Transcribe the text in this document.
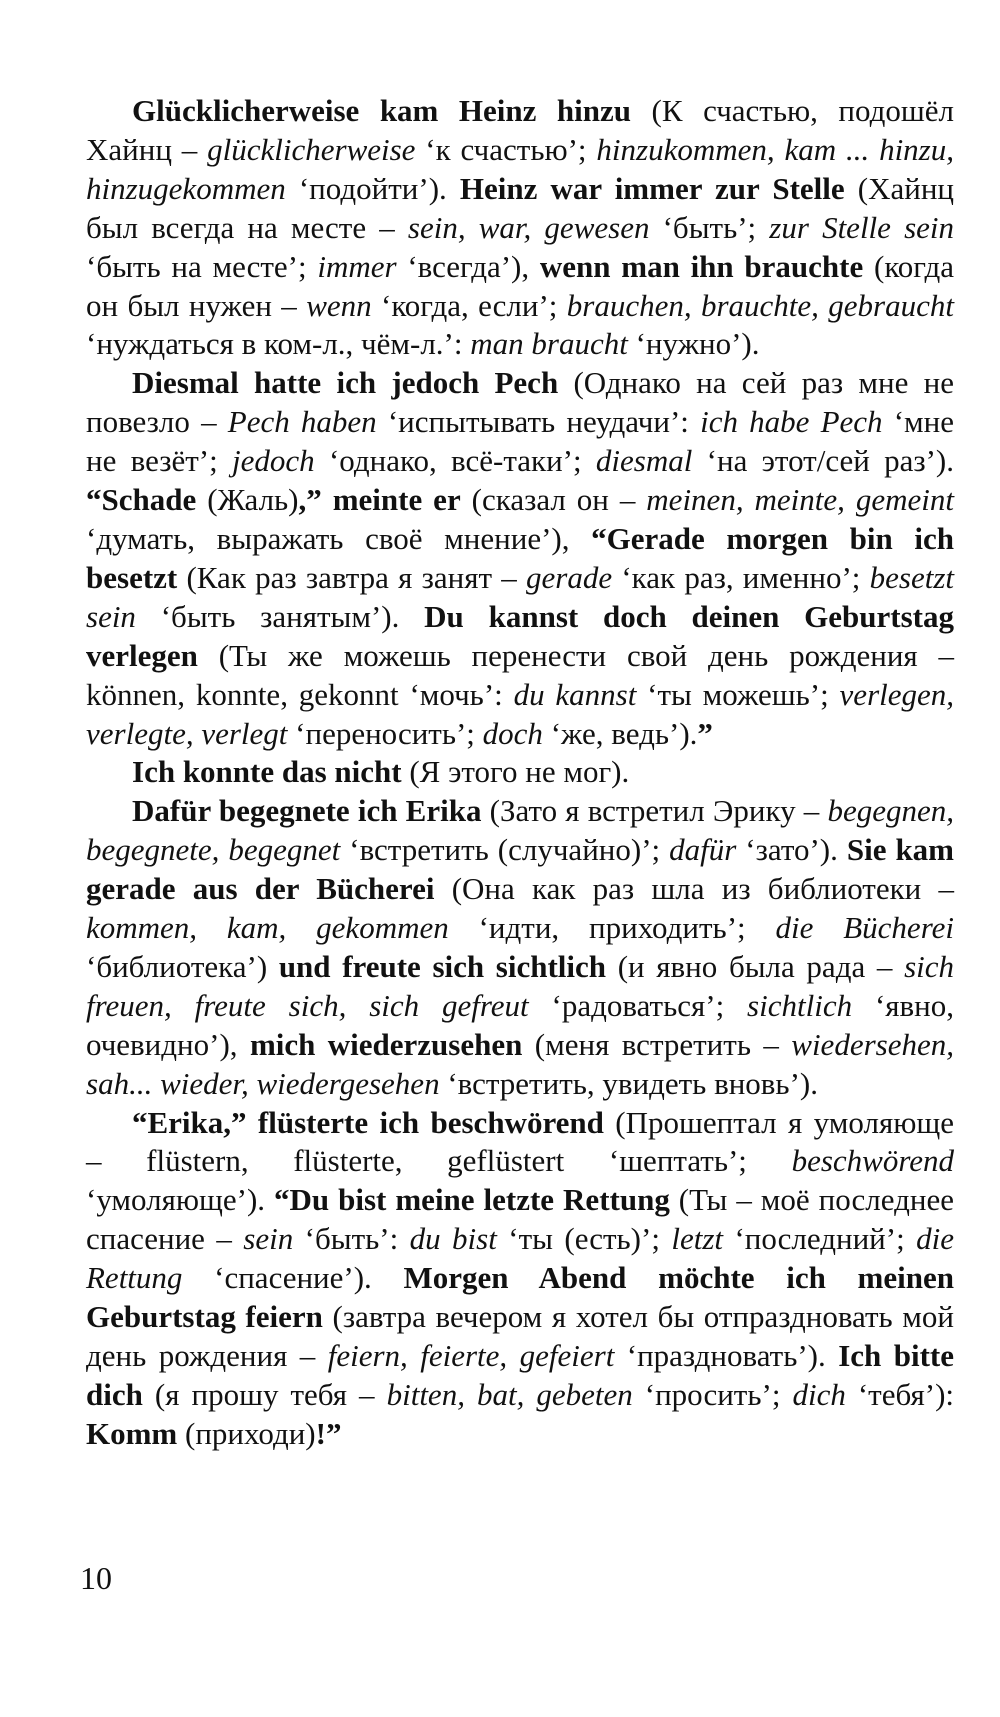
Glücklicherweise kam Heinz hinzu (К счастью, подошёл Хайнц – glücklicherweise ‘к счастью’; hinzukommen, kam ... hinzu, hinzugekommen ‘подойти’). Heinz war immer zur Stelle (Хайнц был всегда на месте – sein, war, gewesen ‘быть’; zur Stelle sein ‘быть на месте’; immer ‘всегда’), wenn man ihn brauchte (когда он был нужен – wenn ‘когда, если’; brauchen, brauchte, gebraucht ‘нуждаться в ком-л., чём-л.’: man braucht ‘нужно’).

Diesmal hatte ich jedoch Pech (Однако на сей раз мне не повезло – Pech haben ‘испытывать неудачи’: ich habe Pech ‘мне не везёт’; jedoch ‘однако, всё-таки’; diesmal ‘на этот/сей раз’). “Schade (Жаль),” meinte er (сказал он – meinen, meinte, gemeint ‘думать, выражать своё мнение’), “Gerade morgen bin ich besetzt (Как раз завтра я занят – gerade ‘как раз, именно’; besetzt sein ‘быть занятым’). Du kannst doch deinen Geburtstag verlegen (Ты же можешь перенести свой день рождения – können, konnte, gekonnt ‘мочь’: du kannst ‘ты можешь’; verlegen, verlegte, verlegt ‘переносить’; doch ‘же, ведь’).”

Ich konnte das nicht (Я этого не мог).

Dafür begegnete ich Erika (Зато я встретил Эрику – begegnen, begegnete, begegnet ‘встретить (случайно)’; dafür ‘зато’). Sie kam gerade aus der Bücherei (Она как раз шла из библиотеки – kommen, kam, gekommen ‘идти, приходить’; die Bücherei ‘библиотека’) und freute sich sichtlich (и явно была рада – sich freuen, freute sich, sich gefreut ‘радоваться’; sichtlich ‘явно, очевидно’), mich wiederzusehen (меня встретить – wiedersehen, sah... wieder, wiedergesehen ‘встретить, увидеть вновь’).

“Erika,” flüsterte ich beschwörend (Прошептал я умоляюще – flüstern, flüsterte, geflüstert ‘шептать’; beschwörend ‘умоляюще’). “Du bist meine letzte Rettung (Ты – моё последнее спасение – sein ‘быть’: du bist ‘ты (есть)’; letzt ‘последний’; die Rettung ‘спасение’). Morgen Abend möchte ich meinen Geburtstag feiern (завтра вечером я хотел бы отпраздновать мой день рождения – feiern, feierte, gefeiert ‘праздновать’). Ich bitte dich (я прошу тебя – bitten, bat, gebeten ‘просить’; dich ‘тебя’): Komm (приходи)!”

10
